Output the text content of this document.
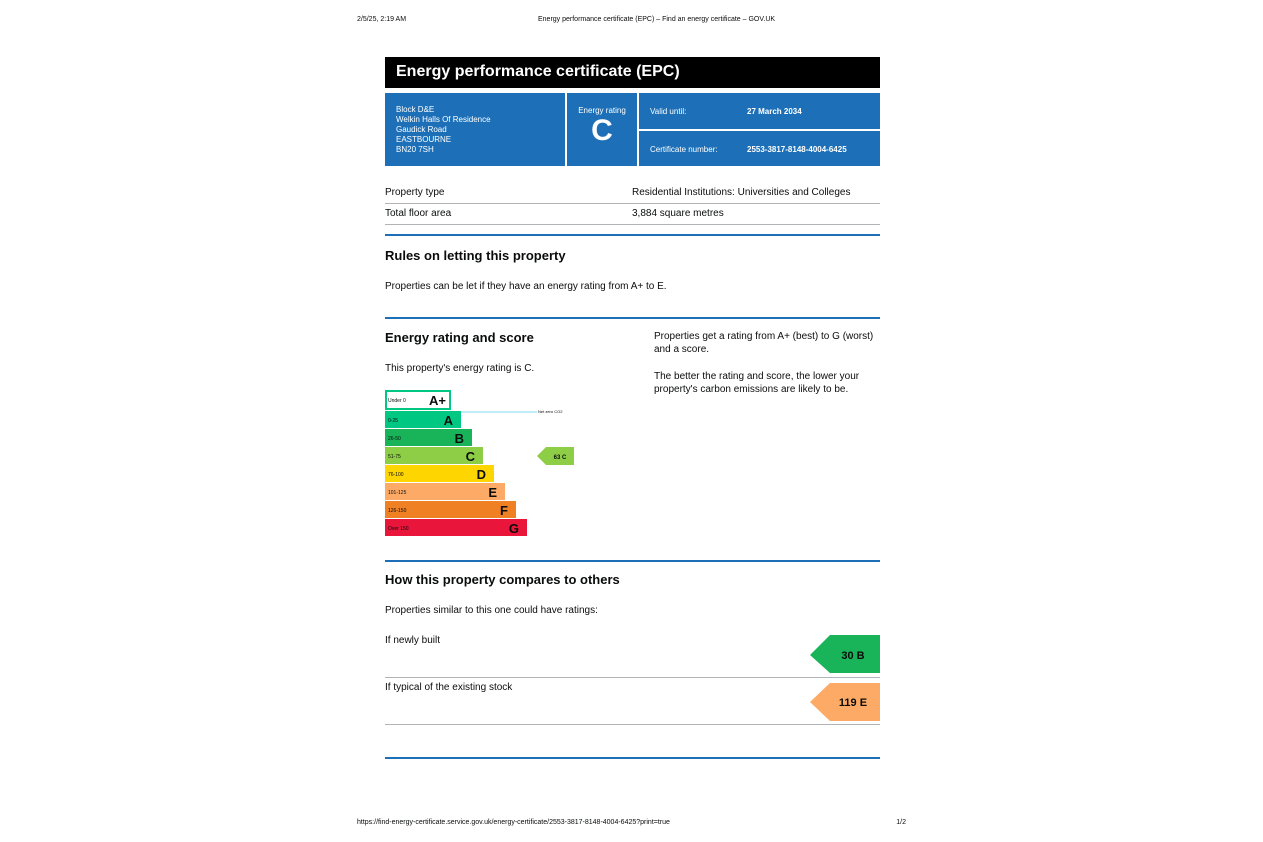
2/5/25, 2:19 AM	Energy performance certificate (EPC) – Find an energy certificate – GOV.UK
Energy performance certificate (EPC)
Block D&E
Welkin Halls Of Residence
Gaudick Road
EASTBOURNE
BN20 7SH
Energy rating
C
Valid until:	27 March 2034
Certificate number:	2553-3817-8148-4004-6425
Property type	Residential Institutions: Universities and Colleges
Total floor area	3,884 square metres
Rules on letting this property
Properties can be let if they have an energy rating from A+ to E.
Energy rating and score
This property's energy rating is C.
Properties get a rating from A+ (best) to G (worst) and a score.
The better the rating and score, the lower your property's carbon emissions are likely to be.
Under 0 A+
Net zero CO2
0-25	A
26-50	B
51-75	C
76-100	D
101-125	E
126-150	F
Over 150	G
63 C
How this property compares to others
Properties similar to this one could have ratings:
If newly built
30 B
If typical of the existing stock
119 E
https://find-energy-certificate.service.gov.uk/energy-certificate/2553-3817-8148-4004-6425?print=true	1/2
